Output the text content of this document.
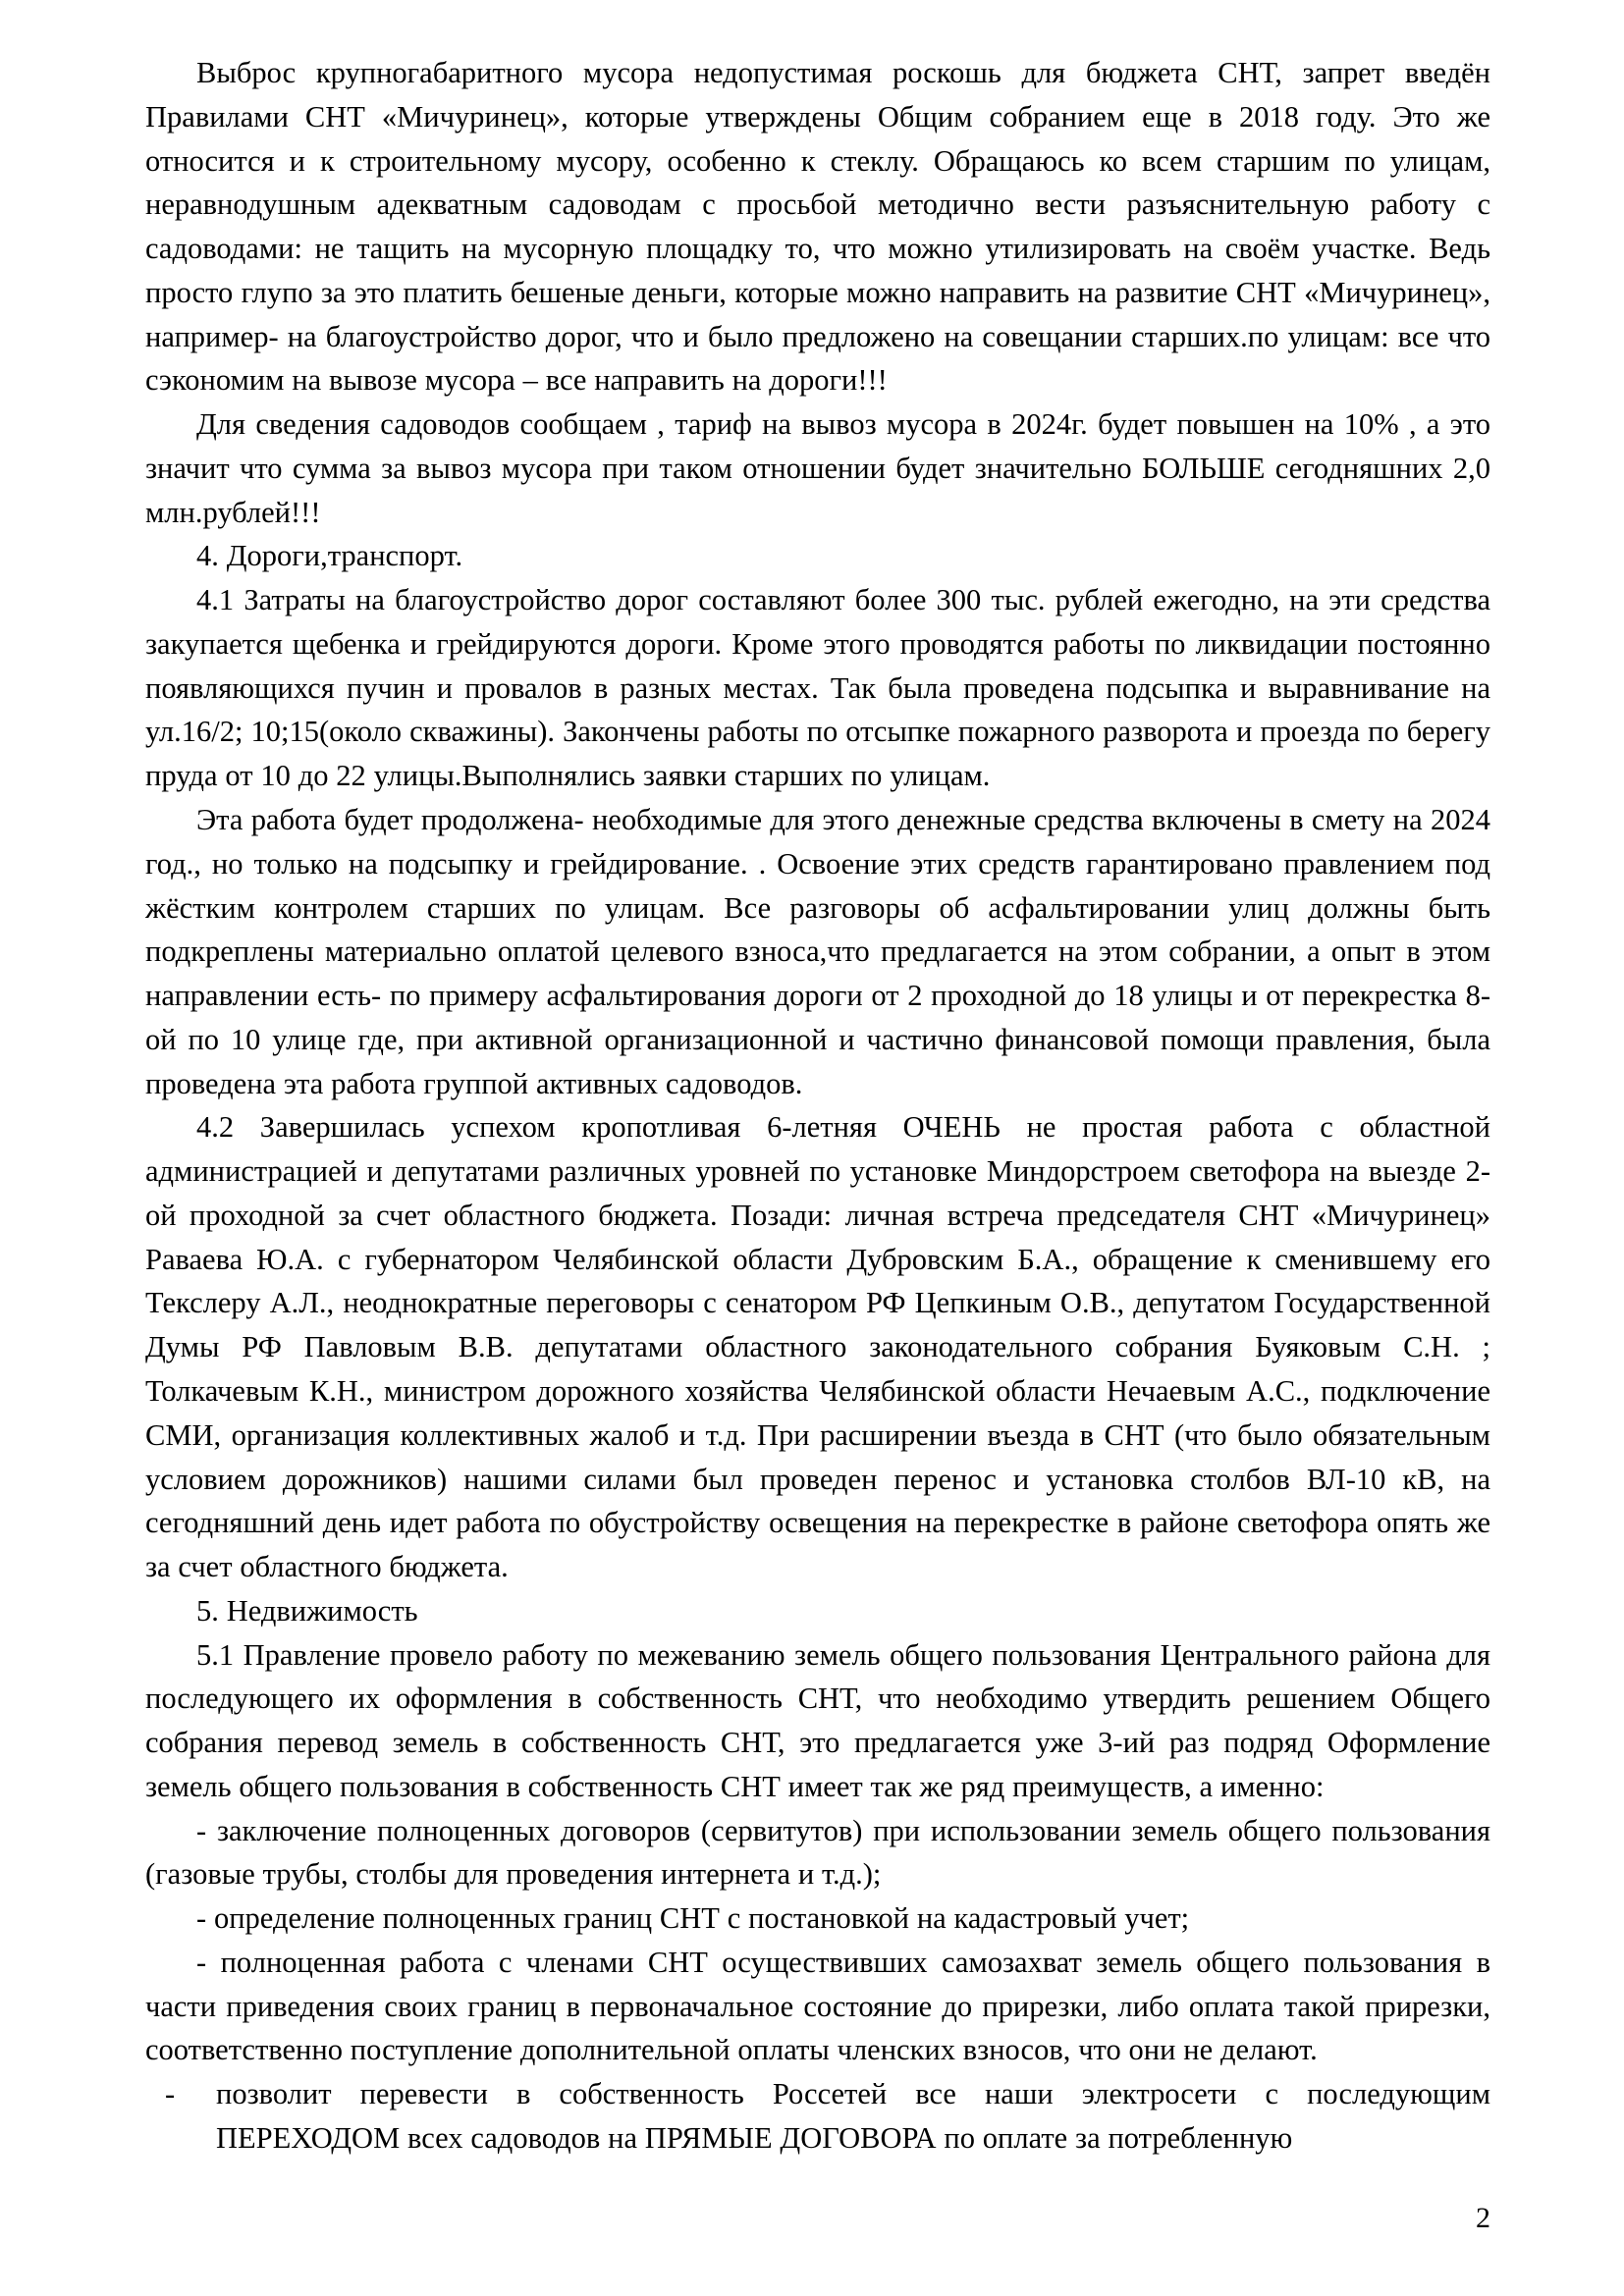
Выброс крупногабаритного мусора недопустимая роскошь для бюджета СНТ, запрет введён Правилами СНТ «Мичуринец», которые утверждены Общим собранием еще в 2018 году. Это же относится и к строительному мусору, особенно к стеклу. Обращаюсь ко всем старшим по улицам, неравнодушным адекватным садоводам с просьбой методично вести разъяснительную работу с садоводами: не тащить на мусорную площадку то, что можно утилизировать на своём участке. Ведь просто глупо за это платить бешеные деньги, которые можно направить на развитие СНТ «Мичуринец», например- на благоустройство дорог, что и было предложено на совещании старших.по улицам: все что сэкономим на вывозе мусора – все направить на дороги!!!

Для сведения садоводов сообщаем , тариф на вывоз мусора в 2024г. будет повышен на 10% , а это значит что сумма за вывоз мусора при таком отношении будет значительно БОЛЬШЕ сегодняшних 2,0 млн.рублей!!!

4. Дороги,транспорт.

4.1 Затраты на благоустройство дорог составляют более 300 тыс. рублей ежегодно, на эти средства закупается щебенка и грейдируются дороги. Кроме этого проводятся работы по ликвидации постоянно появляющихся пучин и провалов в разных местах. Так была проведена подсыпка и выравнивание на ул.16/2; 10;15(около скважины). Закончены работы по отсыпке пожарного разворота и проезда по берегу пруда от 10 до 22 улицы.Выполнялись заявки старших по улицам.

Эта работа будет продолжена- необходимые для этого денежные средства включены в смету на 2024 год., но только на подсыпку и грейдирование. . Освоение этих средств гарантировано правлением под жёстким контролем старших по улицам. Все разговоры об асфальтировании улиц должны быть подкреплены материально оплатой целевого взноса,что предлагается на этом собрании, а опыт в этом направлении есть- по примеру асфальтирования дороги от 2 проходной до 18 улицы и от перекрестка 8-ой по 10 улице где, при активной организационной и частично финансовой помощи правления, была проведена эта работа группой активных садоводов.

4.2 Завершилась успехом кропотливая 6-летняя ОЧЕНЬ не простая работа с областной администрацией и депутатами различных уровней по установке Миндорстроем светофора на выезде 2-ой проходной за счет областного бюджета. Позади: личная встреча председателя СНТ «Мичуринец» Раваева Ю.А. с губернатором Челябинской области Дубровским Б.А., обращение к сменившему его Текслеру А.Л., неоднократные переговоры с сенатором РФ Цепкиным О.В., депутатом Государственной Думы РФ Павловым В.В. депутатами областного законодательного собрания Буяковым С.Н. ; Толкачевым К.Н., министром дорожного хозяйства Челябинской области Нечаевым А.С., подключение СМИ, организация коллективных жалоб и т.д. При расширении въезда в СНТ (что было обязательным условием дорожников) нашими силами был проведен перенос и установка столбов ВЛ-10 кВ, на сегодняшний день идет работа по обустройству освещения на перекрестке в районе светофора опять же за счет областного бюджета.

5. Недвижимость

5.1 Правление провело работу по межеванию земель общего пользования Центрального района для последующего их оформления в собственность СНТ, что необходимо утвердить решением Общего собрания перевод земель в собственность СНТ, это предлагается уже 3-ий раз подряд Оформление земель общего пользования в собственность СНТ имеет так же ряд преимуществ, а именно:

- заключение полноценных договоров (сервитутов) при использовании земель общего пользования (газовые трубы, столбы для проведения интернета и т.д.);

- определение полноценных границ СНТ с постановкой на кадастровый учет;

- полноценная работа с членами СНТ осуществивших самозахват земель общего пользования в части приведения своих границ в первоначальное состояние до прирезки, либо оплата такой прирезки, соответственно поступление дополнительной оплаты членских взносов, что они не делают.

-	позволит перевести в собственность Россетей все наши электросети с последующим ПЕРЕХОДОМ всех садоводов на ПРЯМЫЕ ДОГОВОРА по оплате за потребленную
2
